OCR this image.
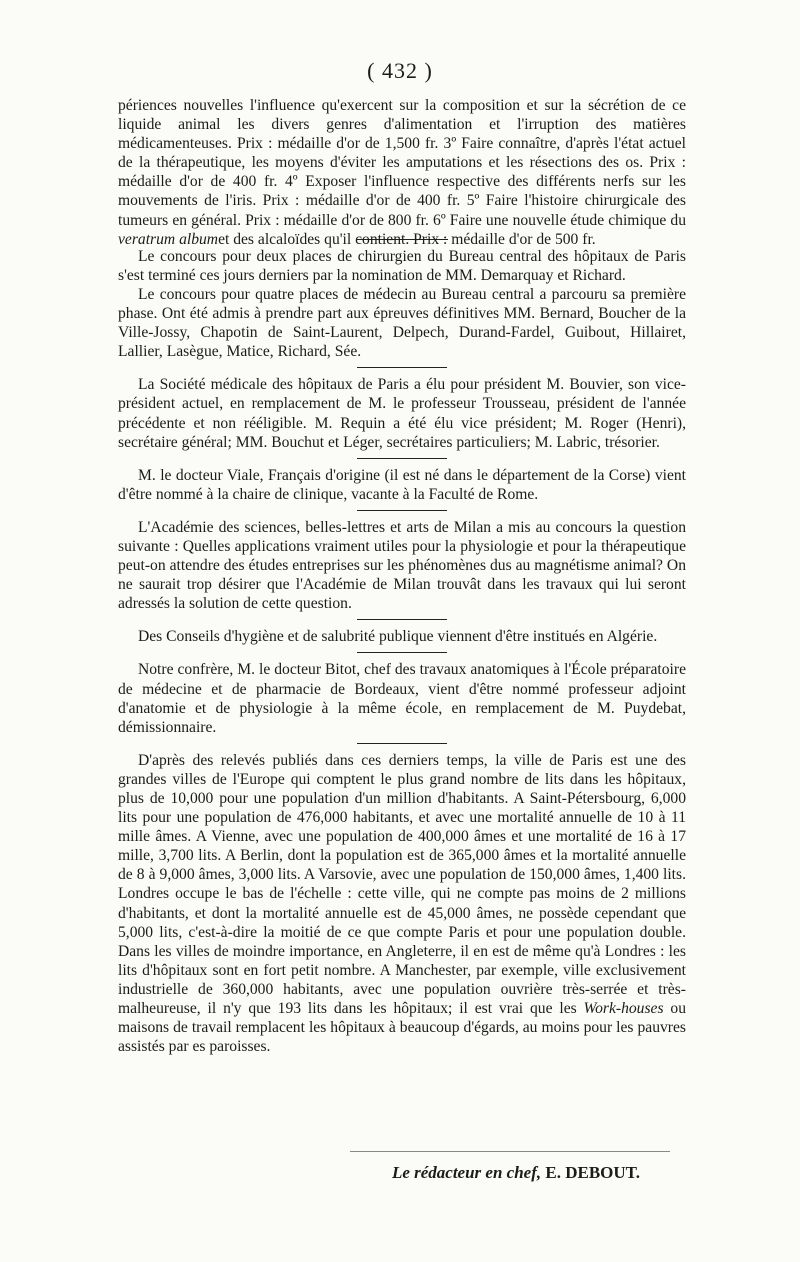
( 432 )

périences nouvelles l'influence qu'exercent sur la composition et sur la sécrétion de ce liquide animal les divers genres d'alimentation et l'irruption des matières médicamenteuses. Prix : médaille d'or de 1,500 fr. 3º Faire connaître, d'après l'état actuel de la thérapeutique, les moyens d'éviter les amputations et les résections des os. Prix : médaille d'or de 400 fr. 4º Exposer l'influence respective des différents nerfs sur les mouvements de l'iris. Prix : médaille d'or de 400 fr. 5º Faire l'histoire chirurgicale des tumeurs en général. Prix : médaille d'or de 800 fr. 6º Faire une nouvelle étude chimique du veratrum albumet des alcaloïdes qu'il contient. Prix : médaille d'or de 500 fr.

Le concours pour deux places de chirurgien du Bureau central des hôpitaux de Paris s'est terminé ces jours derniers par la nomination de MM. Demarquay et Richard.

Le concours pour quatre places de médecin au Bureau central a parcouru sa première phase. Ont été admis à prendre part aux épreuves définitives MM. Bernard, Boucher de la Ville-Jossy, Chapotin de Saint-Laurent, Delpech, Durand-Fardel, Guibout, Hillairet, Lallier, Lasègue, Matice, Richard, Sée.

La Société médicale des hôpitaux de Paris a élu pour président M. Bouvier, son vice-président actuel, en remplacement de M. le professeur Trousseau, président de l'année précédente et non rééligible. M. Requin a été élu vice président; M. Roger (Henri), secrétaire général; MM. Bouchut et Léger, secrétaires particuliers; M. Labric, trésorier.

M. le docteur Viale, Français d'origine (il est né dans le département de la Corse) vient d'être nommé à la chaire de clinique, vacante à la Faculté de Rome.

L'Académie des sciences, belles-lettres et arts de Milan a mis au concours la question suivante : Quelles applications vraiment utiles pour la physiologie et pour la thérapeutique peut-on attendre des études entreprises sur les phénomènes dus au magnétisme animal? On ne saurait trop désirer que l'Académie de Milan trouvât dans les travaux qui lui seront adressés la solution de cette question.

Des Conseils d'hygiène et de salubrité publique viennent d'être institués en Algérie.

Notre confrère, M. le docteur Bitot, chef des travaux anatomiques à l'École préparatoire de médecine et de pharmacie de Bordeaux, vient d'être nommé professeur adjoint d'anatomie et de physiologie à la même école, en remplacement de M. Puydebat, démissionnaire.

D'après des relevés publiés dans ces derniers temps, la ville de Paris est une des grandes villes de l'Europe qui comptent le plus grand nombre de lits dans les hôpitaux, plus de 10,000 pour une population d'un million d'habitants. A Saint-Pétersbourg, 6,000 lits pour une population de 476,000 habitants, et avec une mortalité annuelle de 10 à 11 mille âmes. A Vienne, avec une population de 400,000 âmes et une mortalité de 16 à 17 mille, 3,700 lits. A Berlin, dont la population est de 365,000 âmes et la mortalité annuelle de 8 à 9,000 âmes, 3,000 lits. A Varsovie, avec une population de 150,000 âmes, 1,400 lits. Londres occupe le bas de l'échelle : cette ville, qui ne compte pas moins de 2 millions d'habitants, et dont la mortalité annuelle est de 45,000 âmes, ne possède cependant que 5,000 lits, c'est-à-dire la moitié de ce que compte Paris et pour une population double. Dans les villes de moindre importance, en Angleterre, il en est de même qu'à Londres : les lits d'hôpitaux sont en fort petit nombre. A Manchester, par exemple, ville exclusivement industrielle de 360,000 habitants, avec une population ouvrière très-serrée et très-malheureuse, il n'y que 193 lits dans les hôpitaux; il est vrai que les Work-houses ou maisons de travail remplacent les hôpitaux à beaucoup d'égards, au moins pour les pauvres assistés par es paroisses.

Le rédacteur en chef, E. DEBOUT.
